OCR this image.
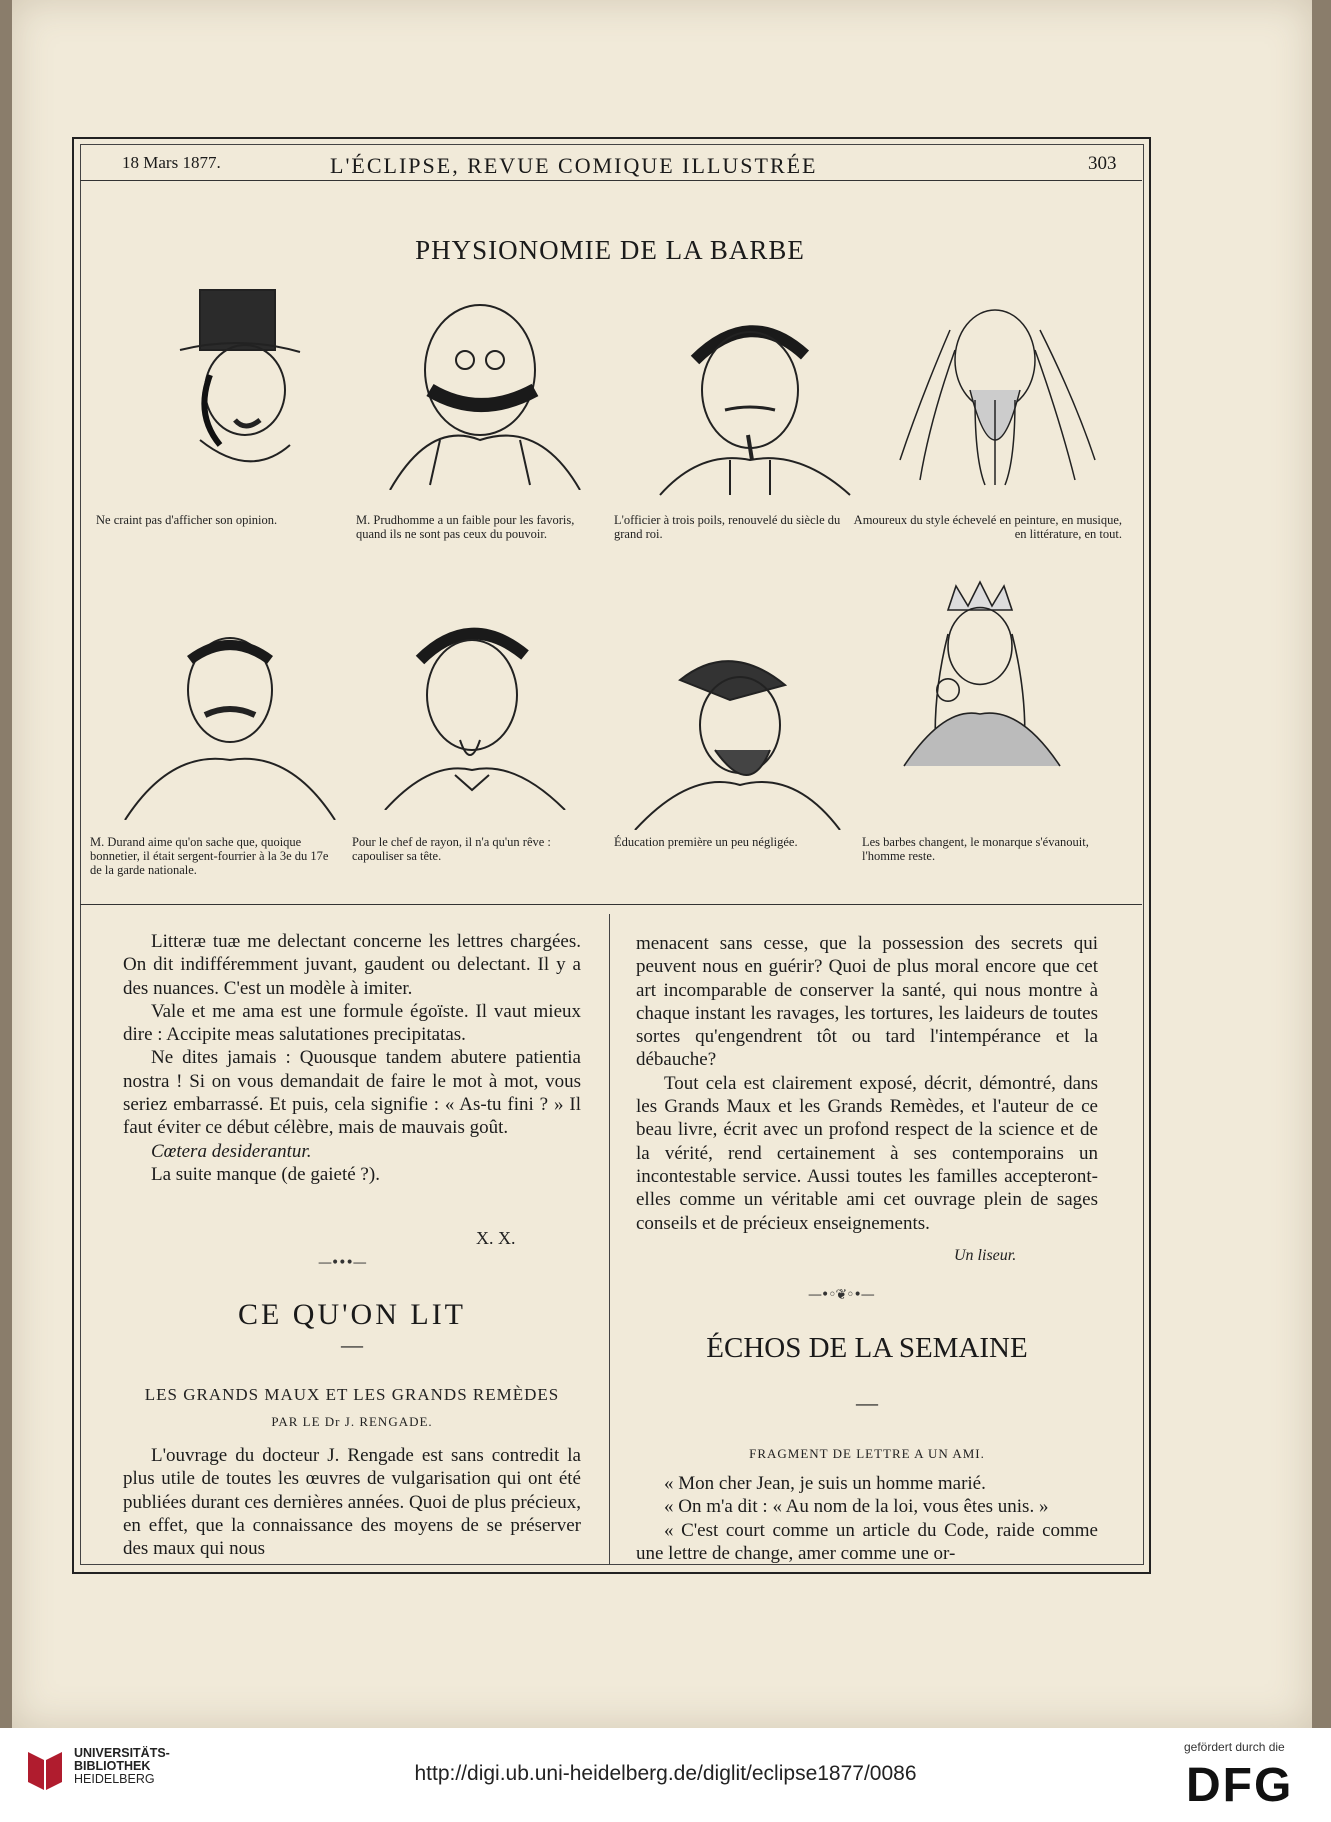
18 Mars 1877.	L'ÉCLIPSE, REVUE COMIQUE ILLUSTRÉE	303
PHYSIONOMIE DE LA BARBE
Ne craint pas d'afficher son opinion.	M. Prudhomme a un faible pour les favoris, quand ils ne sont pas ceux du pouvoir.
L'officier à trois poils, renouvelé du siècle du grand roi.
Amoureux du style échevelé en peinture, en musique, en littérature, en tout.
M. Durand aime qu'on sache que, quoique bonnetier, il était sergent-fourrier à la 3e du 17e de la garde nationale.
Pour le chef de rayon, il n'a qu'un rêve : capouliser sa tête.
Éducation première un peu négligée.	Les barbes changent, le monarque s'évanouit, l'homme reste.

Litteræ tuæ me delectant concerne les lettres chargées. On dit indifféremment juvant, gaudent ou delectant. Il y a des nuances. C'est un modèle à imiter.

Vale et me ama est une formule égoïste. Il vaut mieux dire : Accipite meas salutationes precipitatas.

Ne dites jamais : Quousque tandem abutere patientia nostra ! Si on vous demandait de faire le mot à mot, vous seriez embarrassé. Et puis, cela signifie : « As-tu fini ? » Il faut éviter ce début célèbre, mais de mauvais goût.

Cœtera desiderantur.

La suite manque (de gaieté ?).

X. X.
—•••—
CE QU'ON LIT
—
LES GRANDS MAUX ET LES GRANDS REMÈDES
PAR LE Dr J. RENGADE.

L'ouvrage du docteur J. Rengade est sans contredit la plus utile de toutes les œuvres de vulgarisation qui ont été publiées durant ces dernières années. Quoi de plus précieux, en effet, que la connaissance des moyens de se préserver des maux qui nous

menacent sans cesse, que la possession des secrets qui peuvent nous en guérir? Quoi de plus moral encore que cet art incomparable de conserver la santé, qui nous montre à chaque instant les ravages, les tortures, les laideurs de toutes sortes qu'engendrent tôt ou tard l'intempérance et la débauche?

Tout cela est clairement exposé, décrit, démontré, dans les Grands Maux et les Grands Remèdes, et l'auteur de ce beau livre, écrit avec un profond respect de la science et de la vérité, rend certainement à ses contemporains un incontestable service. Aussi toutes les familles accepteront-elles comme un véritable ami cet ouvrage plein de sages conseils et de précieux enseignements.

Un liseur.
—•◦❦◦•—
ÉCHOS DE LA SEMAINE
—
FRAGMENT DE LETTRE A UN AMI.

« Mon cher Jean, je suis un homme marié.

« On m'a dit : « Au nom de la loi, vous êtes unis. »

« C'est court comme un article du Code, raide comme une lettre de change, amer comme une or-

UNIVERSITÄTS-
BIBLIOTHEK
HEIDELBERG	http://digi.ub.uni-heidelberg.de/diglit/eclipse1877/0086
gefördert durch die
DFG
